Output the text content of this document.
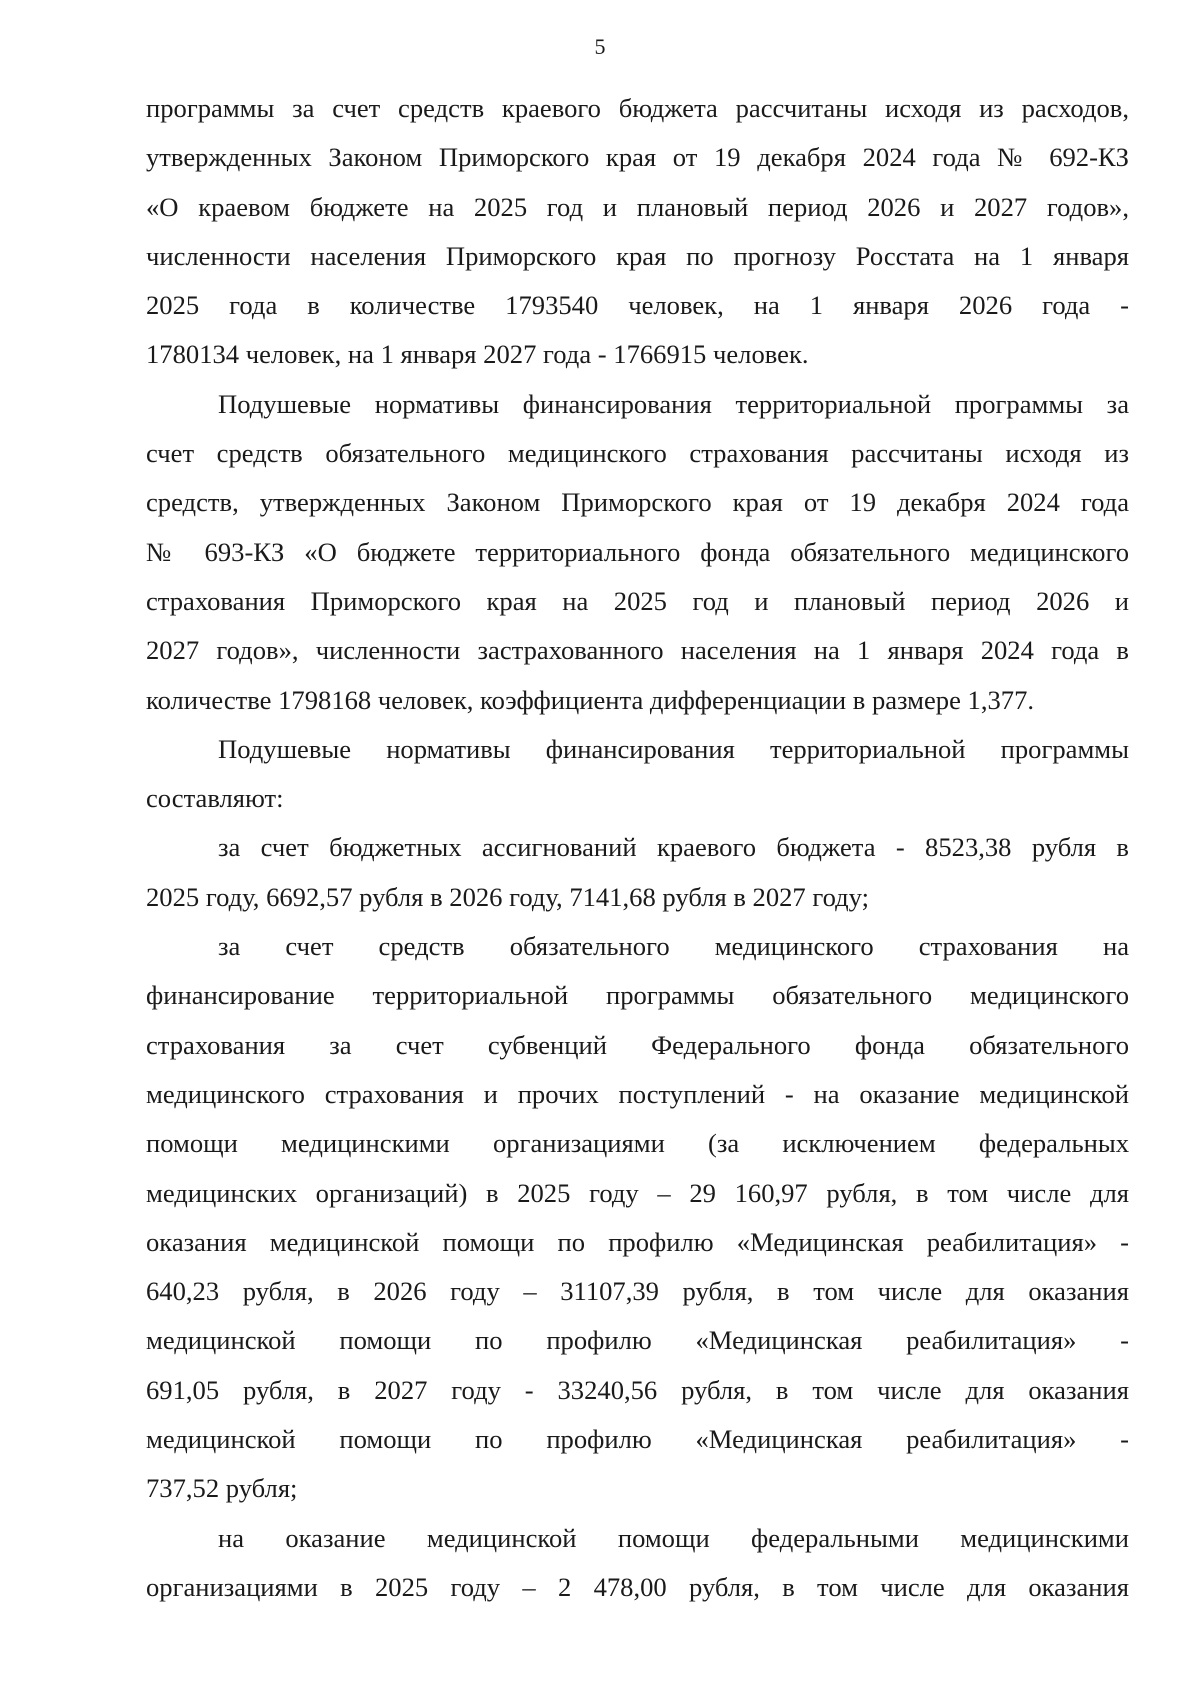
5

программы за счет средств краевого бюджета рассчитаны исходя из расходов,

утвержденных Законом Приморского края от 19 декабря 2024 года № 692-КЗ

«О краевом бюджете на 2025 год и плановый период 2026 и 2027 годов»,

численности населения Приморского края по прогнозу Росстата на 1 января

2025 года в количестве 1793540 человек, на 1 января 2026 года -

1780134 человек, на 1 января 2027 года - 1766915 человек.

Подушевые нормативы финансирования территориальной программы за

счет средств обязательного медицинского страхования рассчитаны исходя из

средств, утвержденных Законом Приморского края от 19 декабря 2024 года

№ 693-КЗ «О бюджете территориального фонда обязательного медицинского

страхования Приморского края на 2025 год и плановый период 2026 и

2027 годов», численности застрахованного населения на 1 января 2024 года в

количестве 1798168 человек, коэффициента дифференциации в размере 1,377.

Подушевые нормативы финансирования территориальной программы

составляют:

за счет бюджетных ассигнований краевого бюджета - 8523,38 рубля в

2025 году, 6692,57 рубля в 2026 году, 7141,68 рубля в 2027 году;

за счет средств обязательного медицинского страхования на

финансирование территориальной программы обязательного медицинского

страхования за счет субвенций Федерального фонда обязательного

медицинского страхования и прочих поступлений - на оказание медицинской

помощи медицинскими организациями (за исключением федеральных

медицинских организаций) в 2025 году – 29 160,97 рубля, в том числе для

оказания медицинской помощи по профилю «Медицинская реабилитация» -

640,23 рубля, в 2026 году – 31107,39 рубля, в том числе для оказания

медицинской помощи по профилю «Медицинская реабилитация» -

691,05 рубля, в 2027 году - 33240,56 рубля, в том числе для оказания

медицинской помощи по профилю «Медицинская реабилитация» -

737,52 рубля;

на оказание медицинской помощи федеральными медицинскими

организациями в 2025 году – 2 478,00 рубля, в том числе для оказания
